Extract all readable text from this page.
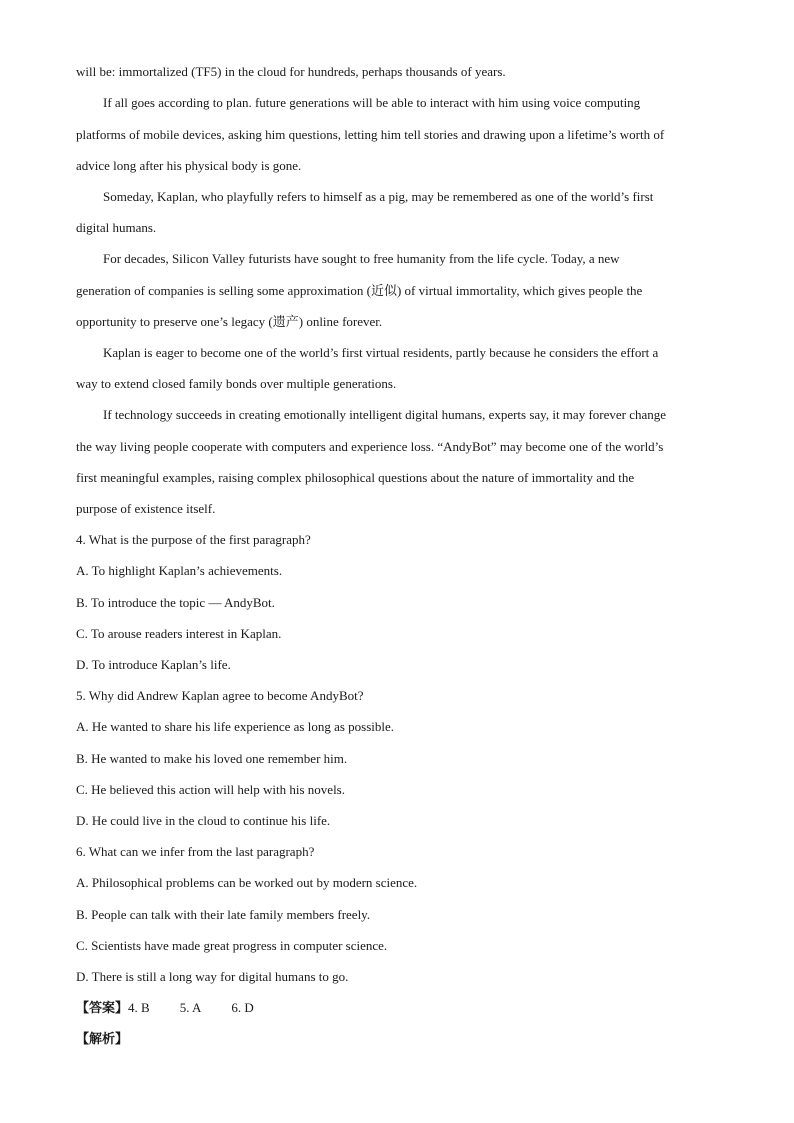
will be: immortalized (TF5) in the cloud for hundreds, perhaps thousands of years.
If all goes according to plan. future generations will be able to interact with him using voice computing
platforms of mobile devices, asking him questions, letting him tell stories and drawing upon a lifetime’s worth of
advice long after his physical body is gone.
Someday, Kaplan, who playfully refers to himself as a pig, may be remembered as one of the world’s first
digital humans.
For decades, Silicon Valley futurists have sought to free humanity from the life cycle. Today, a new
generation of companies is selling some approximation (近似) of virtual immortality, which gives people the
opportunity to preserve one’s legacy (遗产) online forever.
Kaplan is eager to become one of the world’s first virtual residents, partly because he considers the effort a
way to extend closed family bonds over multiple generations.
If technology succeeds in creating emotionally intelligent digital humans, experts say, it may forever change
the way living people cooperate with computers and experience loss. “AndyBot” may become one of the world’s
first meaningful examples, raising complex philosophical questions about the nature of immortality and the
purpose of existence itself.
4. What is the purpose of the first paragraph?
A. To highlight Kaplan’s achievements.
B. To introduce the topic — AndyBot.
C. To arouse readers interest in Kaplan.
D. To introduce Kaplan’s life.
5. Why did Andrew Kaplan agree to become AndyBot?
A. He wanted to share his life experience as long as possible.
B. He wanted to make his loved one remember him.
C. He believed this action will help with his novels.
D. He could live in the cloud to continue his life.
6. What can we infer from the last paragraph?
A. Philosophical problems can be worked out by modern science.
B. People can talk with their late family members freely.
C. Scientists have made great progress in computer science.
D. There is still a long way for digital humans to go.
【答案】4. B 5. A 6. D
【解析】
